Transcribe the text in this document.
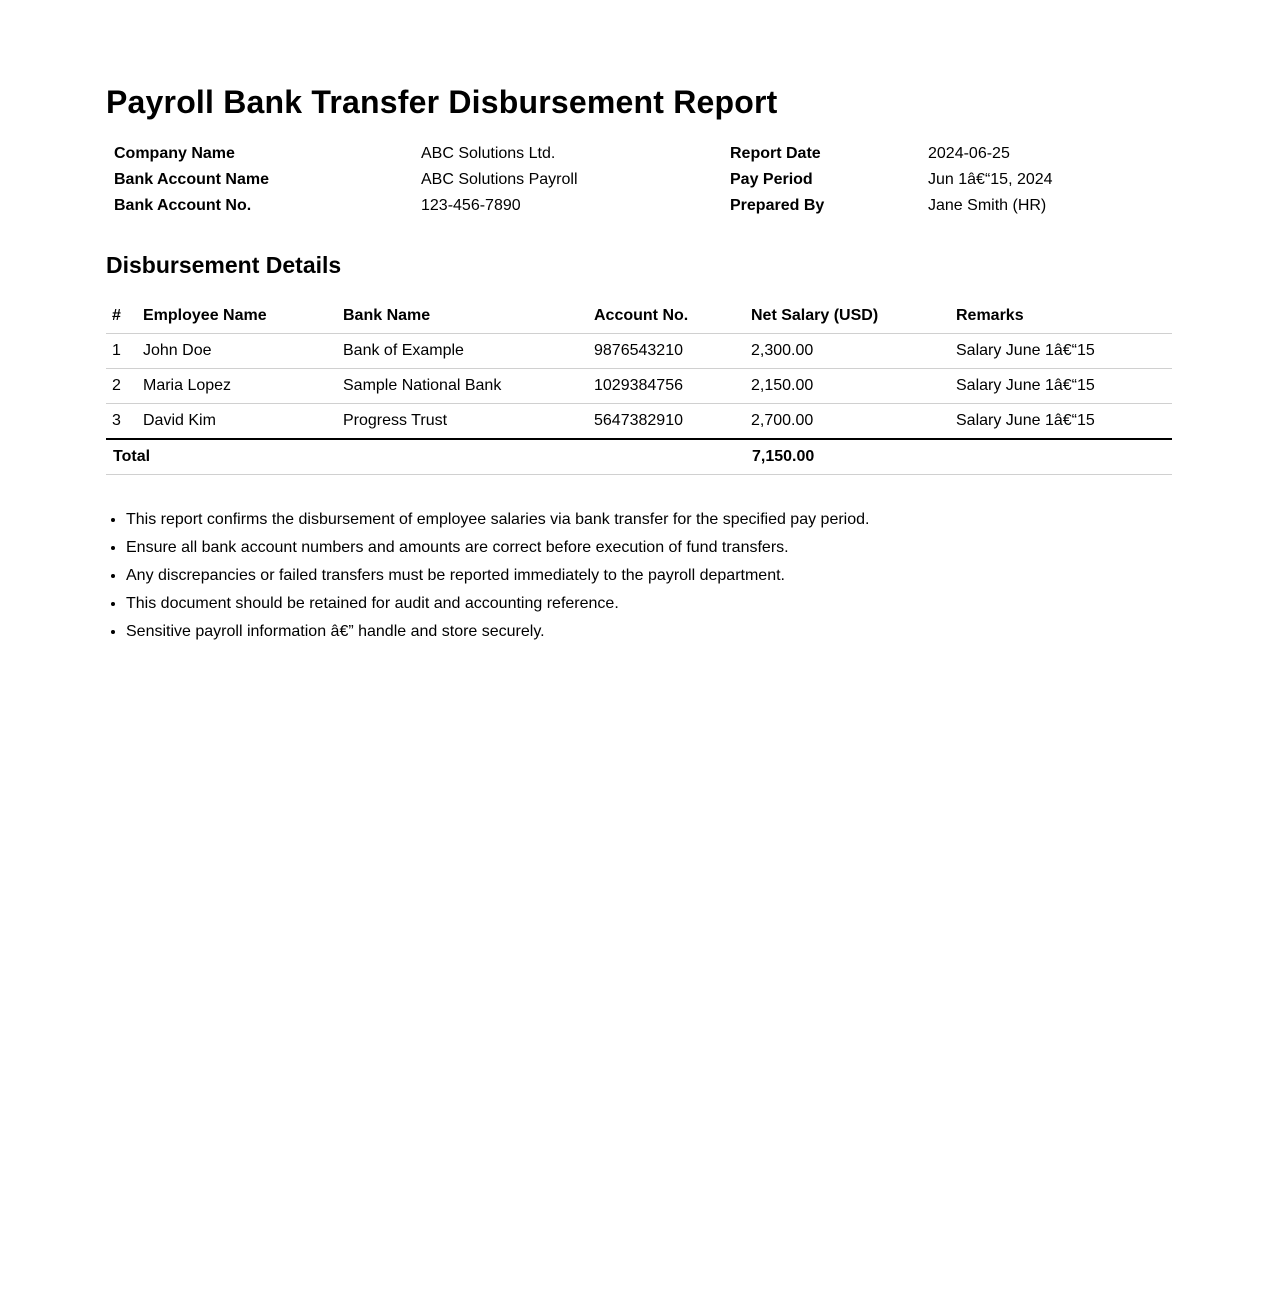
Payroll Bank Transfer Disbursement Report
Company Name	ABC Solutions Ltd.	Report Date	2024-06-25
Bank Account Name	ABC Solutions Payroll	Pay Period	Jun 1â€“15, 2024
Bank Account No.	123-456-7890	Prepared By	Jane Smith (HR)
Disbursement Details
#	Employee Name	Bank Name	Account No.	Net Salary (USD)	Remarks
1	John Doe	Bank of Example	9876543210	2,300.00	Salary June 1â€“15
2	Maria Lopez	Sample National Bank	1029384756	2,150.00	Salary June 1â€“15
3	David Kim	Progress Trust	5647382910	2,700.00	Salary June 1â€“15
Total				7,150.00	
• This report confirms the disbursement of employee salaries via bank transfer for the specified pay period.
• Ensure all bank account numbers and amounts are correct before execution of fund transfers.
• Any discrepancies or failed transfers must be reported immediately to the payroll department.
• This document should be retained for audit and accounting reference.
• Sensitive payroll information â€” handle and store securely.
